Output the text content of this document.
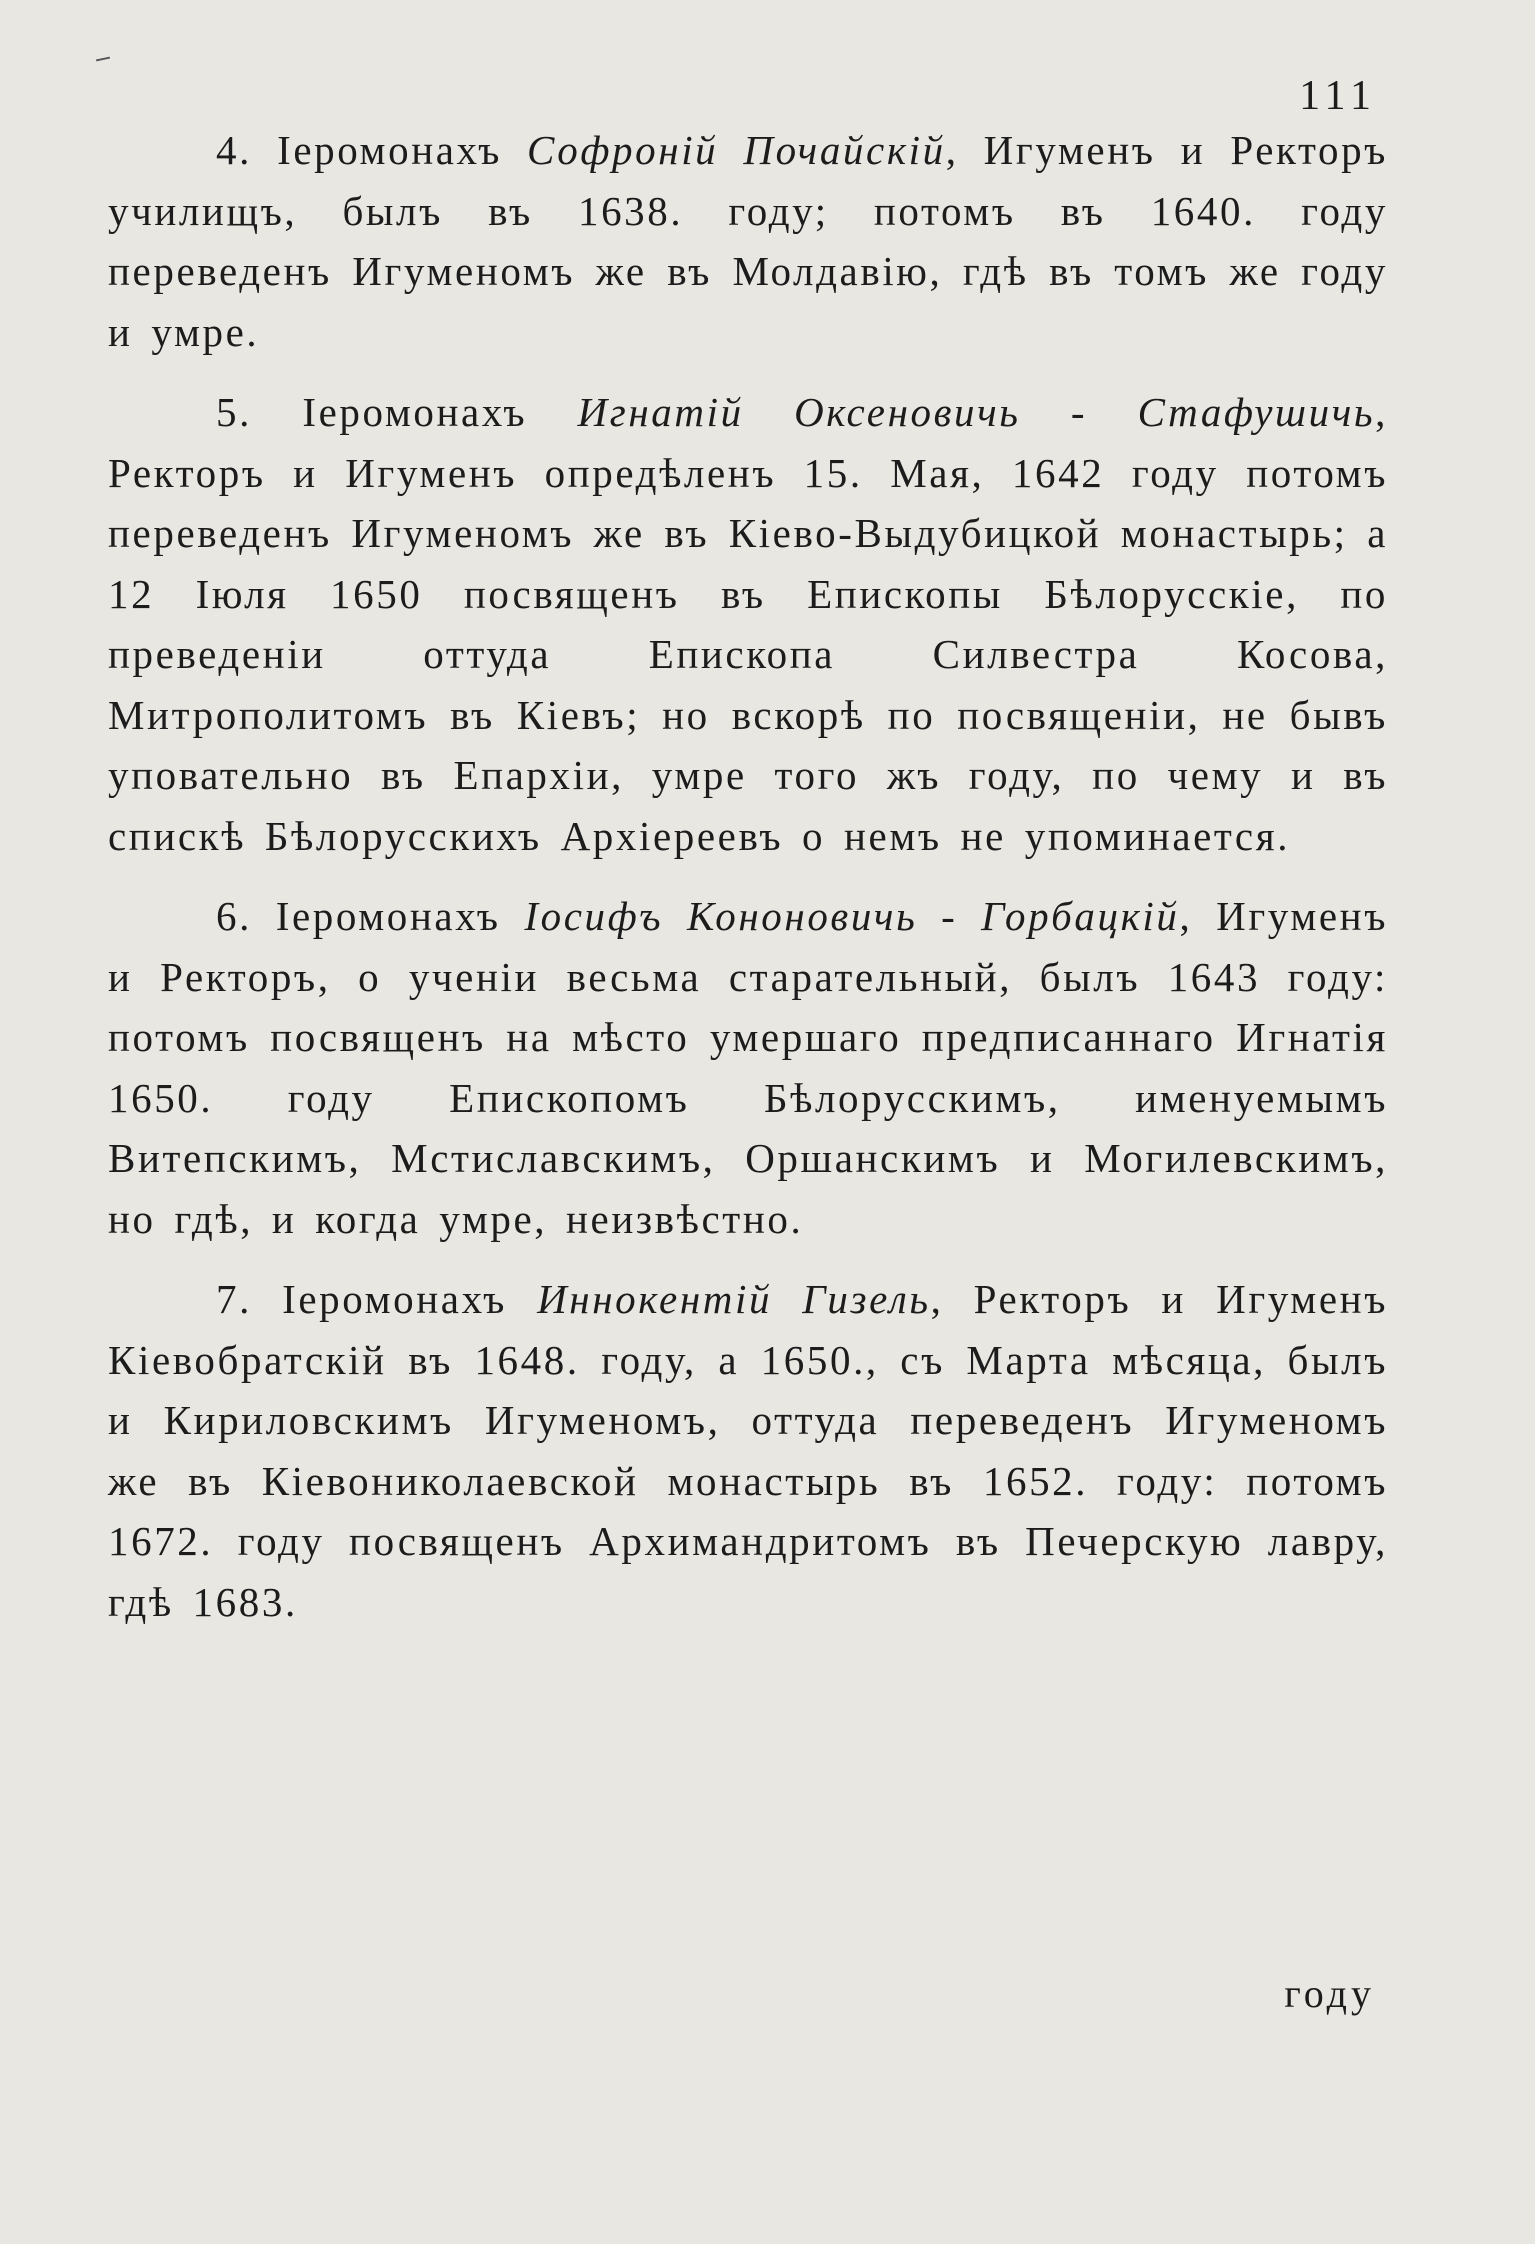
111

4. Іеромонахъ Софроній Почайскій, Игуменъ и Ректоръ училищъ, былъ въ 1638. году; потомъ въ 1640. году переведенъ Игуменомъ же въ Молдавію, гдѣ въ томъ же году и умре.

5. Іеромонахъ Игнатій Оксеновичь - Стафушичь, Ректоръ и Игуменъ опредѣленъ 15. Мая, 1642 году потомъ переведенъ Игуменомъ же въ Кіево-Выдубицкой монастырь; а 12 Іюля 1650 посвященъ въ Епископы Бѣлорусскіе, по преведеніи оттуда Епископа Силвестра Косова, Митрополитомъ въ Кіевъ; но вскорѣ по посвященіи, не бывъ уповательно въ Епархіи, умре того жъ году, по чему и въ спискѣ Бѣлорусскихъ Архіереевъ о немъ не упоминается.

6. Іеромонахъ Іосифъ Кононовичь - Горбацкій, Игуменъ и Ректоръ, о ученіи весьма старательный, былъ 1643 году: потомъ посвященъ на мѣсто умершаго предписаннаго Игнатія 1650. году Епископомъ Бѣлорусскимъ, именуемымъ Витепскимъ, Мстиславскимъ, Оршанскимъ и Могилевскимъ, но гдѣ, и когда умре, неизвѣстно.

7. Іеромонахъ Иннокентій Гизель, Ректоръ и Игуменъ Кіевобратскій въ 1648. году, а 1650., съ Марта мѣсяца, былъ и Кириловскимъ Игуменомъ, оттуда переведенъ Игуменомъ же въ Кіевониколаевской монастырь въ 1652. году: потомъ 1672. году посвященъ Архимандритомъ въ Печерскую лавру, гдѣ 1683.

году
